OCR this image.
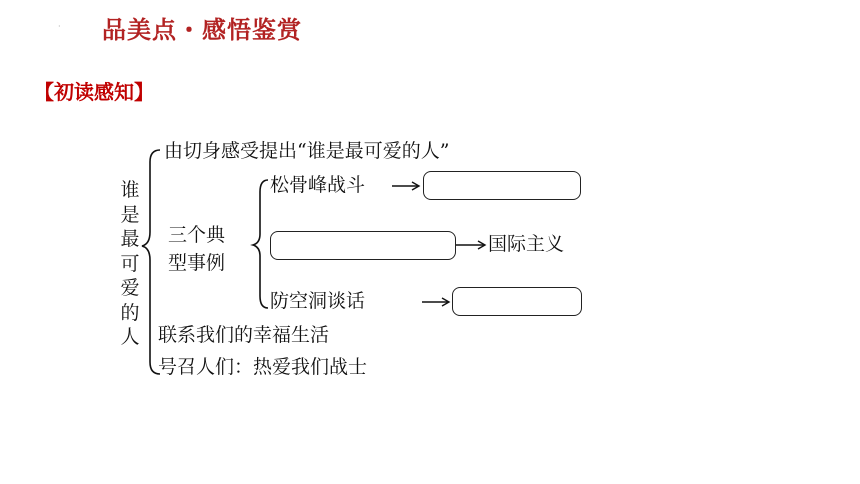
· 品美点・感悟鉴赏
【初读感知】
谁是最可爱的人
由切身感受提出“谁是最可爱的人”
三个典
型事例
松骨峰战斗
国际主义
防空洞谈话
联系我们的幸福生活
号召人们：热爱我们战士
